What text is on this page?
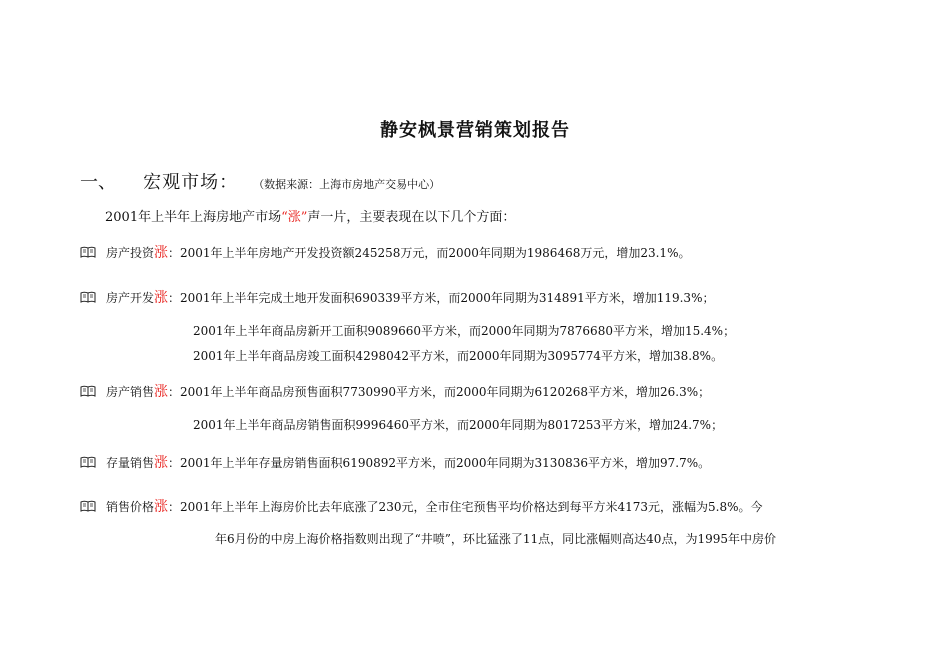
静安枫景营销策划报告
一、 宏观市场： （数据来源：上海市房地产交易中心）
2001年上半年上海房地产市场“涨”声一片，主要表现在以下几个方面：
房产投资涨：2001年上半年房地产开发投资额245258万元，而2000年同期为1986468万元，增加23.1%。
房产开发涨：2001年上半年完成土地开发面积690339平方米，而2000年同期为314891平方米，增加119.3%；
2001年上半年商品房新开工面积9089660平方米，而2000年同期为7876680平方米，增加15.4%；
2001年上半年商品房竣工面积4298042平方米，而2000年同期为3095774平方米，增加38.8%。
房产销售涨：2001年上半年商品房预售面积7730990平方米，而2000年同期为6120268平方米，增加26.3%；
2001年上半年商品房销售面积9996460平方米，而2000年同期为8017253平方米，增加24.7%；
存量销售涨：2001年上半年存量房销售面积6190892平方米，而2000年同期为3130836平方米，增加97.7%。
销售价格涨：2001年上半年上海房价比去年底涨了230元，全市住宅预售平均价格达到每平方米4173元，涨幅为5.8%。今
年6月份的中房上海价格指数则出现了“井喷”，环比猛涨了11点，同比涨幅则高达40点，为1995年中房价
